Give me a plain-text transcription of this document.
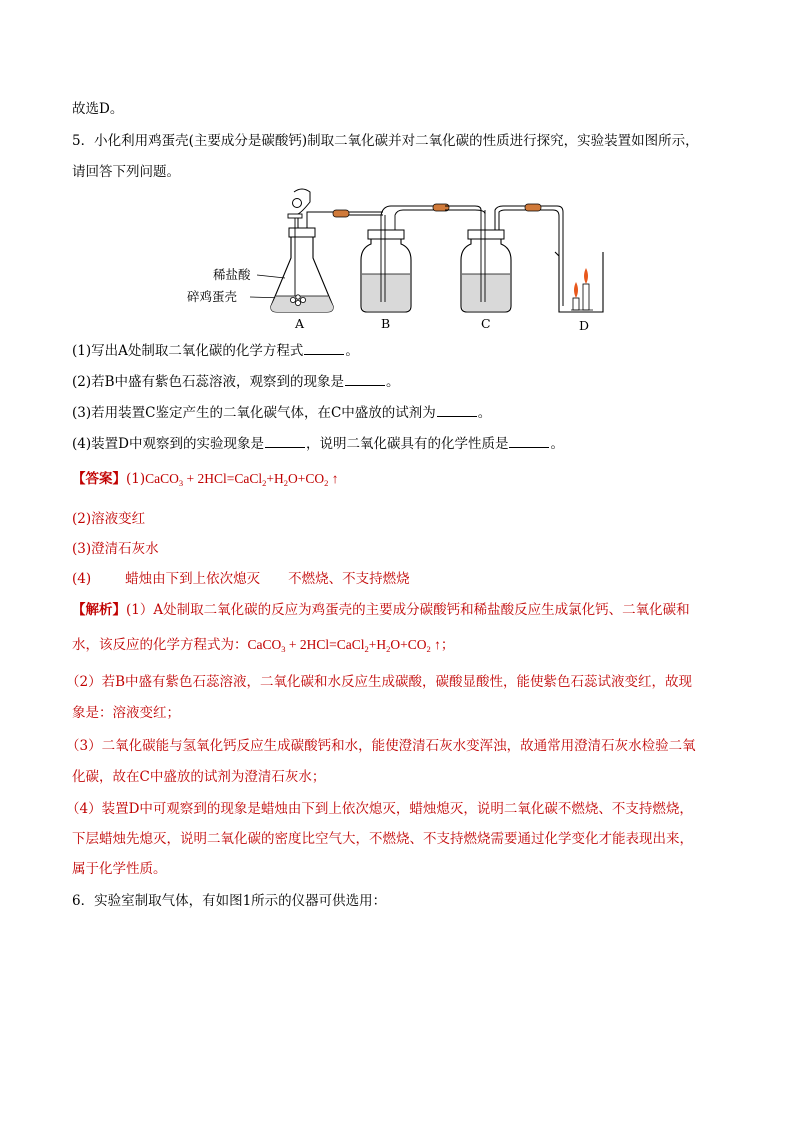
故选D。
5．小化利用鸡蛋壳(主要成分是碳酸钙)制取二氧化碳并对二氧化碳的性质进行探究，实验装置如图所示，
请回答下列问题。
稀盐酸
碎鸡蛋壳
A	B	C	D
(1)写出A处制取二氧化碳的化学方程式	。
(2)若B中盛有紫色石蕊溶液，观察到的现象是	。
(3)若用装置C鉴定产生的二氧化碳气体，在C中盛放的试剂为	。
(4)装置D中观察到的实验现象是	，说明二氧化碳具有的化学性质是	。
【答案】(1)CaCO$_3$ + $2HCl=CaCl_2+H_2O+CO_2$ ↑
(2)溶液变红
(3)澄清石灰水
(4)	蜡烛由下到上依次熄灭 不燃烧、不支持燃烧
【解析】(1）A处制取二氧化碳的反应为鸡蛋壳的主要成分碳酸钙和稀盐酸反应生成氯化钙、二氧化碳和
水，该反应的化学方程式为：CaCO$_3$ + $2HCl=CaCl_2+H_2O+CO_2$ ↑；
（2）若B中盛有紫色石蕊溶液，二氧化碳和水反应生成碳酸，碳酸显酸性，能使紫色石蕊试液变红，故现
象是：溶液变红；
（3）二氧化碳能与氢氧化钙反应生成碳酸钙和水，能使澄清石灰水变浑浊，故通常用澄清石灰水检验二氧
化碳，故在C中盛放的试剂为澄清石灰水；
（4）装置D中可观察到的现象是蜡烛由下到上依次熄灭，蜡烛熄灭，说明二氧化碳不燃烧、不支持燃烧，
下层蜡烛先熄灭，说明二氧化碳的密度比空气大，不燃烧、不支持燃烧需要通过化学变化才能表现出来，
属于化学性质。
6．实验室制取气体，有如图1所示的仪器可供选用：
